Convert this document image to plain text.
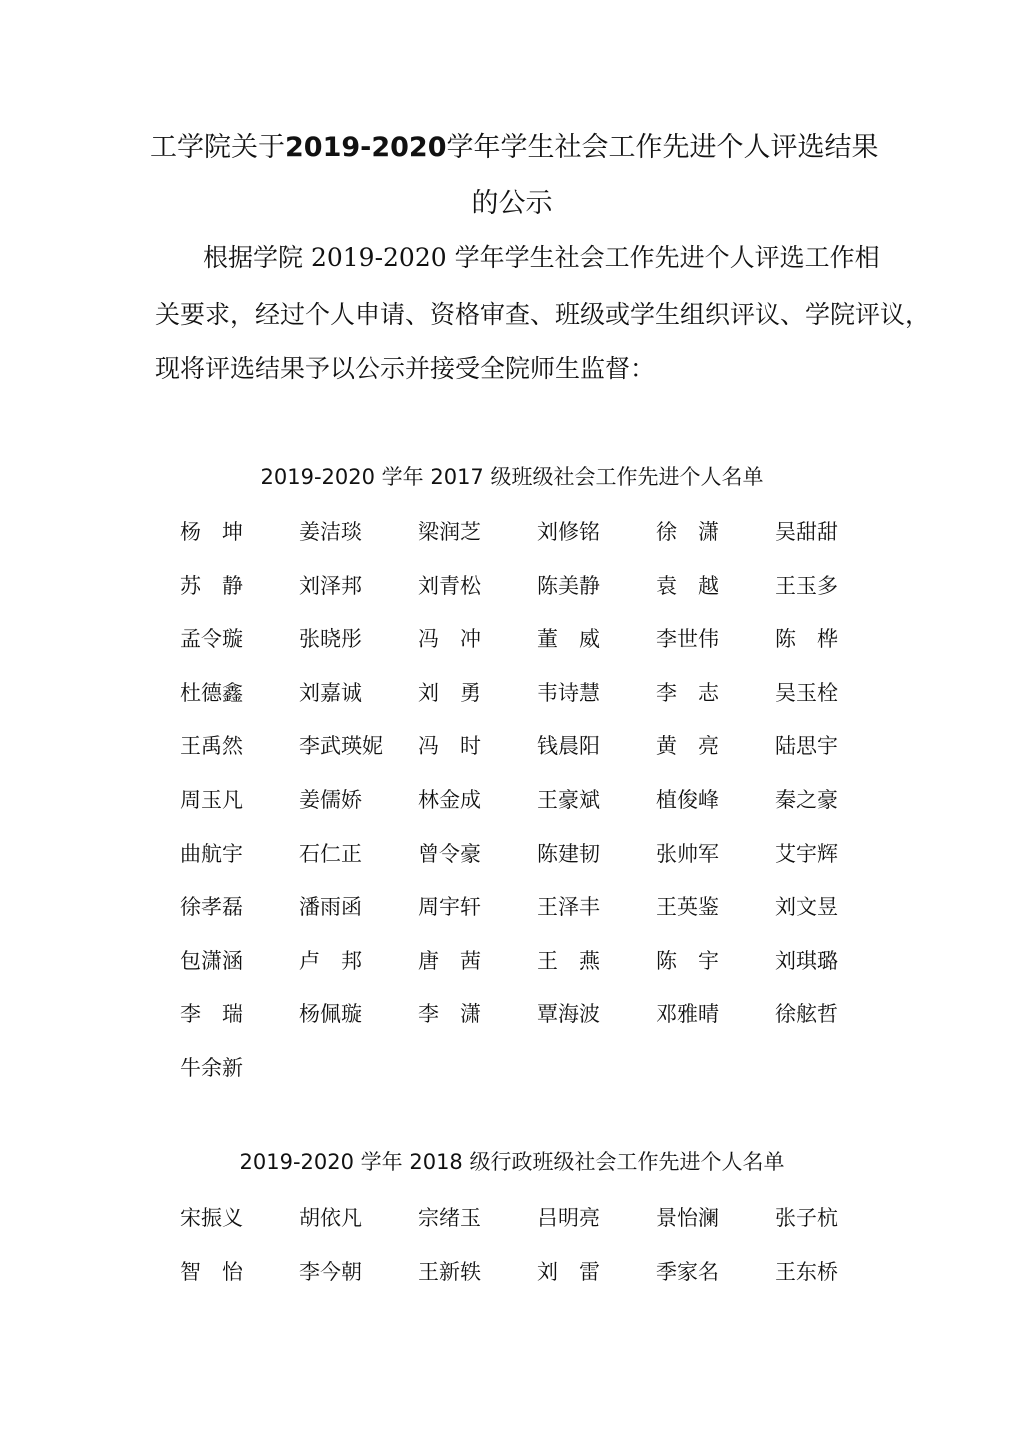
工学院关于2019-2020学年学生社会工作先进个人评选结果
的公示
根据学院 2019-2020 学年学生社会工作先进个人评选工作相
关要求，经过个人申请、资格审查、班级或学生组织评议、学院评议，
现将评选结果予以公示并接受全院师生监督：
2019-2020 学年 2017 级班级社会工作先进个人名单
杨　坤	姜洁琰	梁润芝	刘修铭	徐　潇	吴甜甜
苏　静	刘泽邦	刘青松	陈美静	袁　越	王玉多
孟令璇	张晓彤	冯　冲	董　威	李世伟	陈　桦
杜德鑫	刘嘉诚	刘　勇	韦诗慧	李　志	吴玉栓
王禹然	李武瑛妮	冯　时	钱晨阳	黄　亮	陆思宇
周玉凡	姜儒娇	林金成	王豪斌	植俊峰	秦之豪
曲航宇	石仁正	曾令豪	陈建韧	张帅军	艾宇辉
徐孝磊	潘雨函	周宇轩	王泽丰	王英鉴	刘文昱
包潇涵	卢　邦	唐　茜	王　燕	陈　宇	刘琪璐
李　瑞	杨佩璇	李　潇	覃海波	邓雅晴	徐舷哲
牛余新
2019-2020 学年 2018 级行政班级社会工作先进个人名单
宋振义	胡依凡	宗绪玉	吕明亮	景怡澜	张子杭
智　怡	李今朝	王新轶	刘　雷	季家名	王东桥
